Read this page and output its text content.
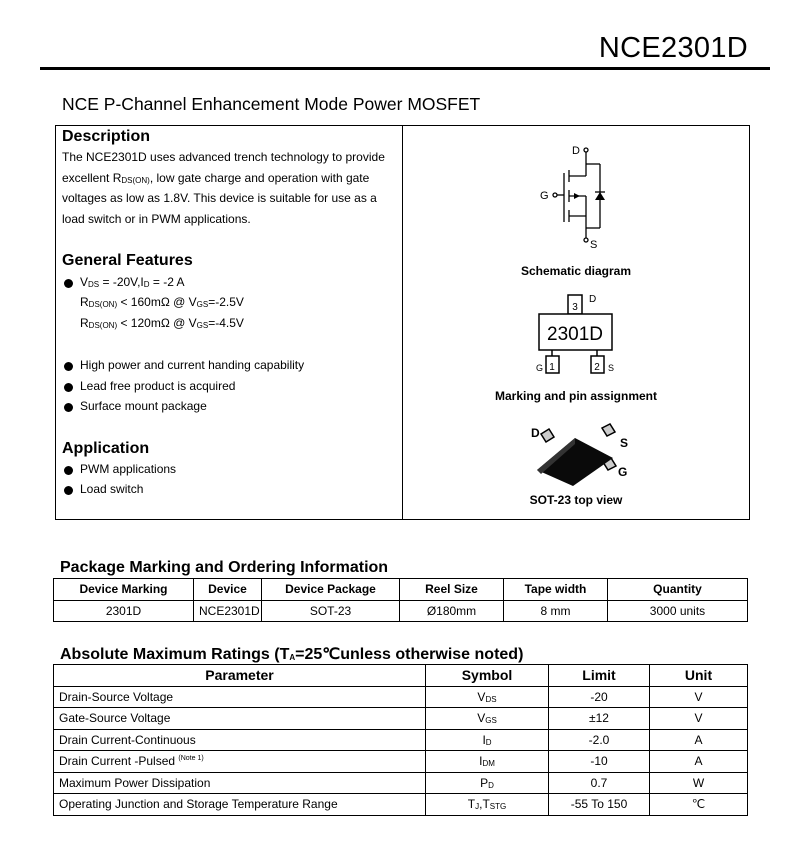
NCE2301D
NCE P-Channel Enhancement Mode Power MOSFET
Description
The NCE2301D uses advanced trench technology to provide
excellent $R_{DS(ON)}$, low gate charge and operation with gate
voltages as low as 1.8V. This device is suitable for use as a
load switch or in PWM applications.
General Features
$V_{DS} = -20V,I_D = -2$ A
$R_{DS(ON)} < 160m\Omega$ @ $V_{GS}=-2.5V$
$R_{DS(ON)} < 120m\Omega$ @ $V_{GS}=-4.5V$
High power and current handing capability
Lead free product is acquired
Surface mount package
Application
PWM applications
Load switch
D
G
S
Schematic diagram
3
D
2301D
1	2
G	S
Marking and pin assignment
D
S
G
SOT-23 top view
Package Marking and Ordering Information
Device Marking	Device	Device Package	Reel Size	Tape width	Quantity
2301D	NCE2301D	SOT-23	Ø180mm	8 mm	3000 units
Absolute Maximum Ratings ($T_A=25℃unless$ otherwise noted)
Parameter	Symbol	Limit	Unit
Drain-Source Voltage	$V_{DS}$	-20	V
Gate-Source Voltage	$V_{GS}$	±12	V
Drain Current-Continuous	$I_D$	-2.0	A
Drain Current -Pulsed $^{(Note 1)}$	$I_{DM}$	-10	A
Maximum Power Dissipation	$P_D$	0.7	W
Operating Junction and Storage Temperature Range	$T_J,T_{STG}$	-55 To 150	℃
